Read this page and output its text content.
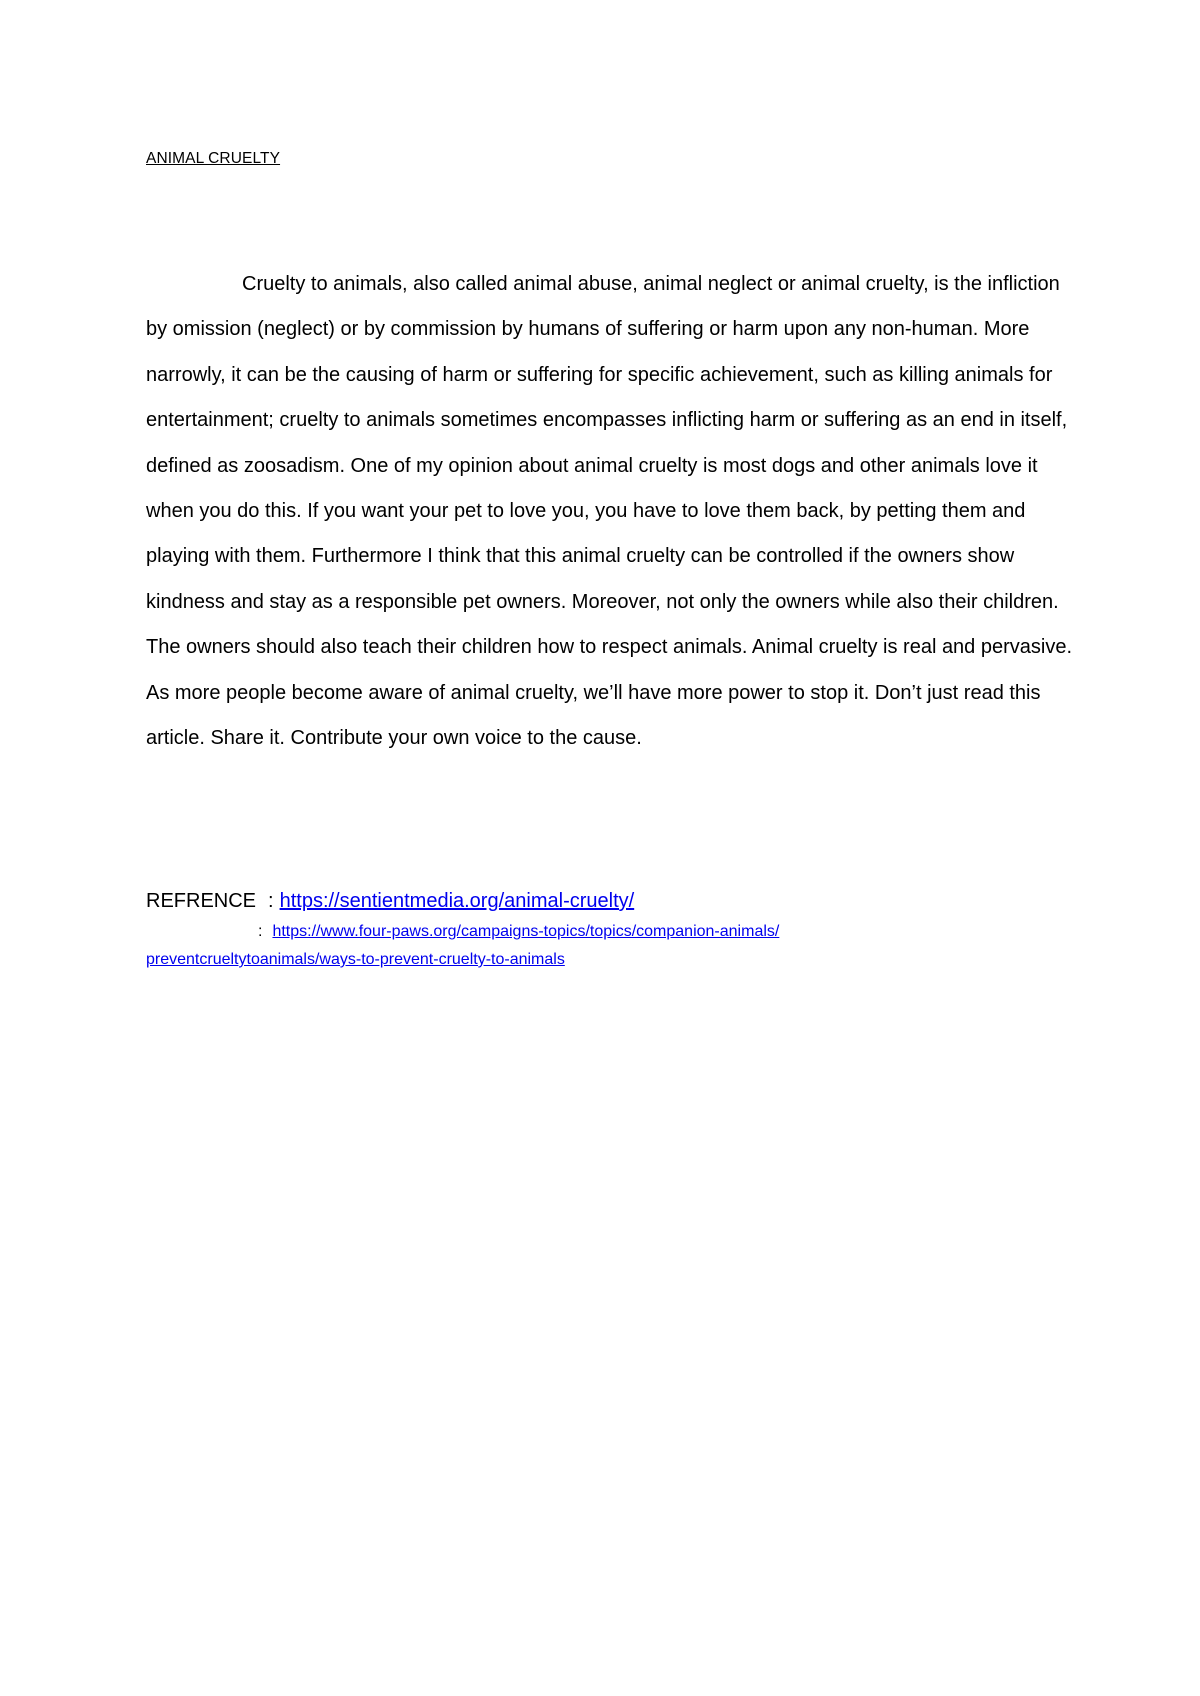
ANIMAL CRUELTY

Cruelty to animals, also called animal abuse, animal neglect or animal cruelty, is the infliction by omission (neglect) or by commission by humans of suffering or harm upon any non-human. More narrowly, it can be the causing of harm or suffering for specific achievement, such as killing animals for entertainment; cruelty to animals sometimes encompasses inflicting harm or suffering as an end in itself, defined as zoosadism. One of my opinion about animal cruelty is most dogs and other animals love it when you do this. If you want your pet to love you, you have to love them back, by petting them and playing with them. Furthermore I think that this animal cruelty can be controlled if the owners show kindness and stay as a responsible pet owners. Moreover, not only the owners while also their children. The owners should also teach their children how to respect animals. Animal cruelty is real and pervasive. As more people become aware of animal cruelty, we’ll have more power to stop it. Don’t just read this article. Share it. Contribute your own voice to the cause.

REFRENCE : https://sentientmedia.org/animal-cruelty/
: https://www.four-paws.org/campaigns-topics/topics/companion-animals/
preventcrueltytoanimals/ways-to-prevent-cruelty-to-animals
